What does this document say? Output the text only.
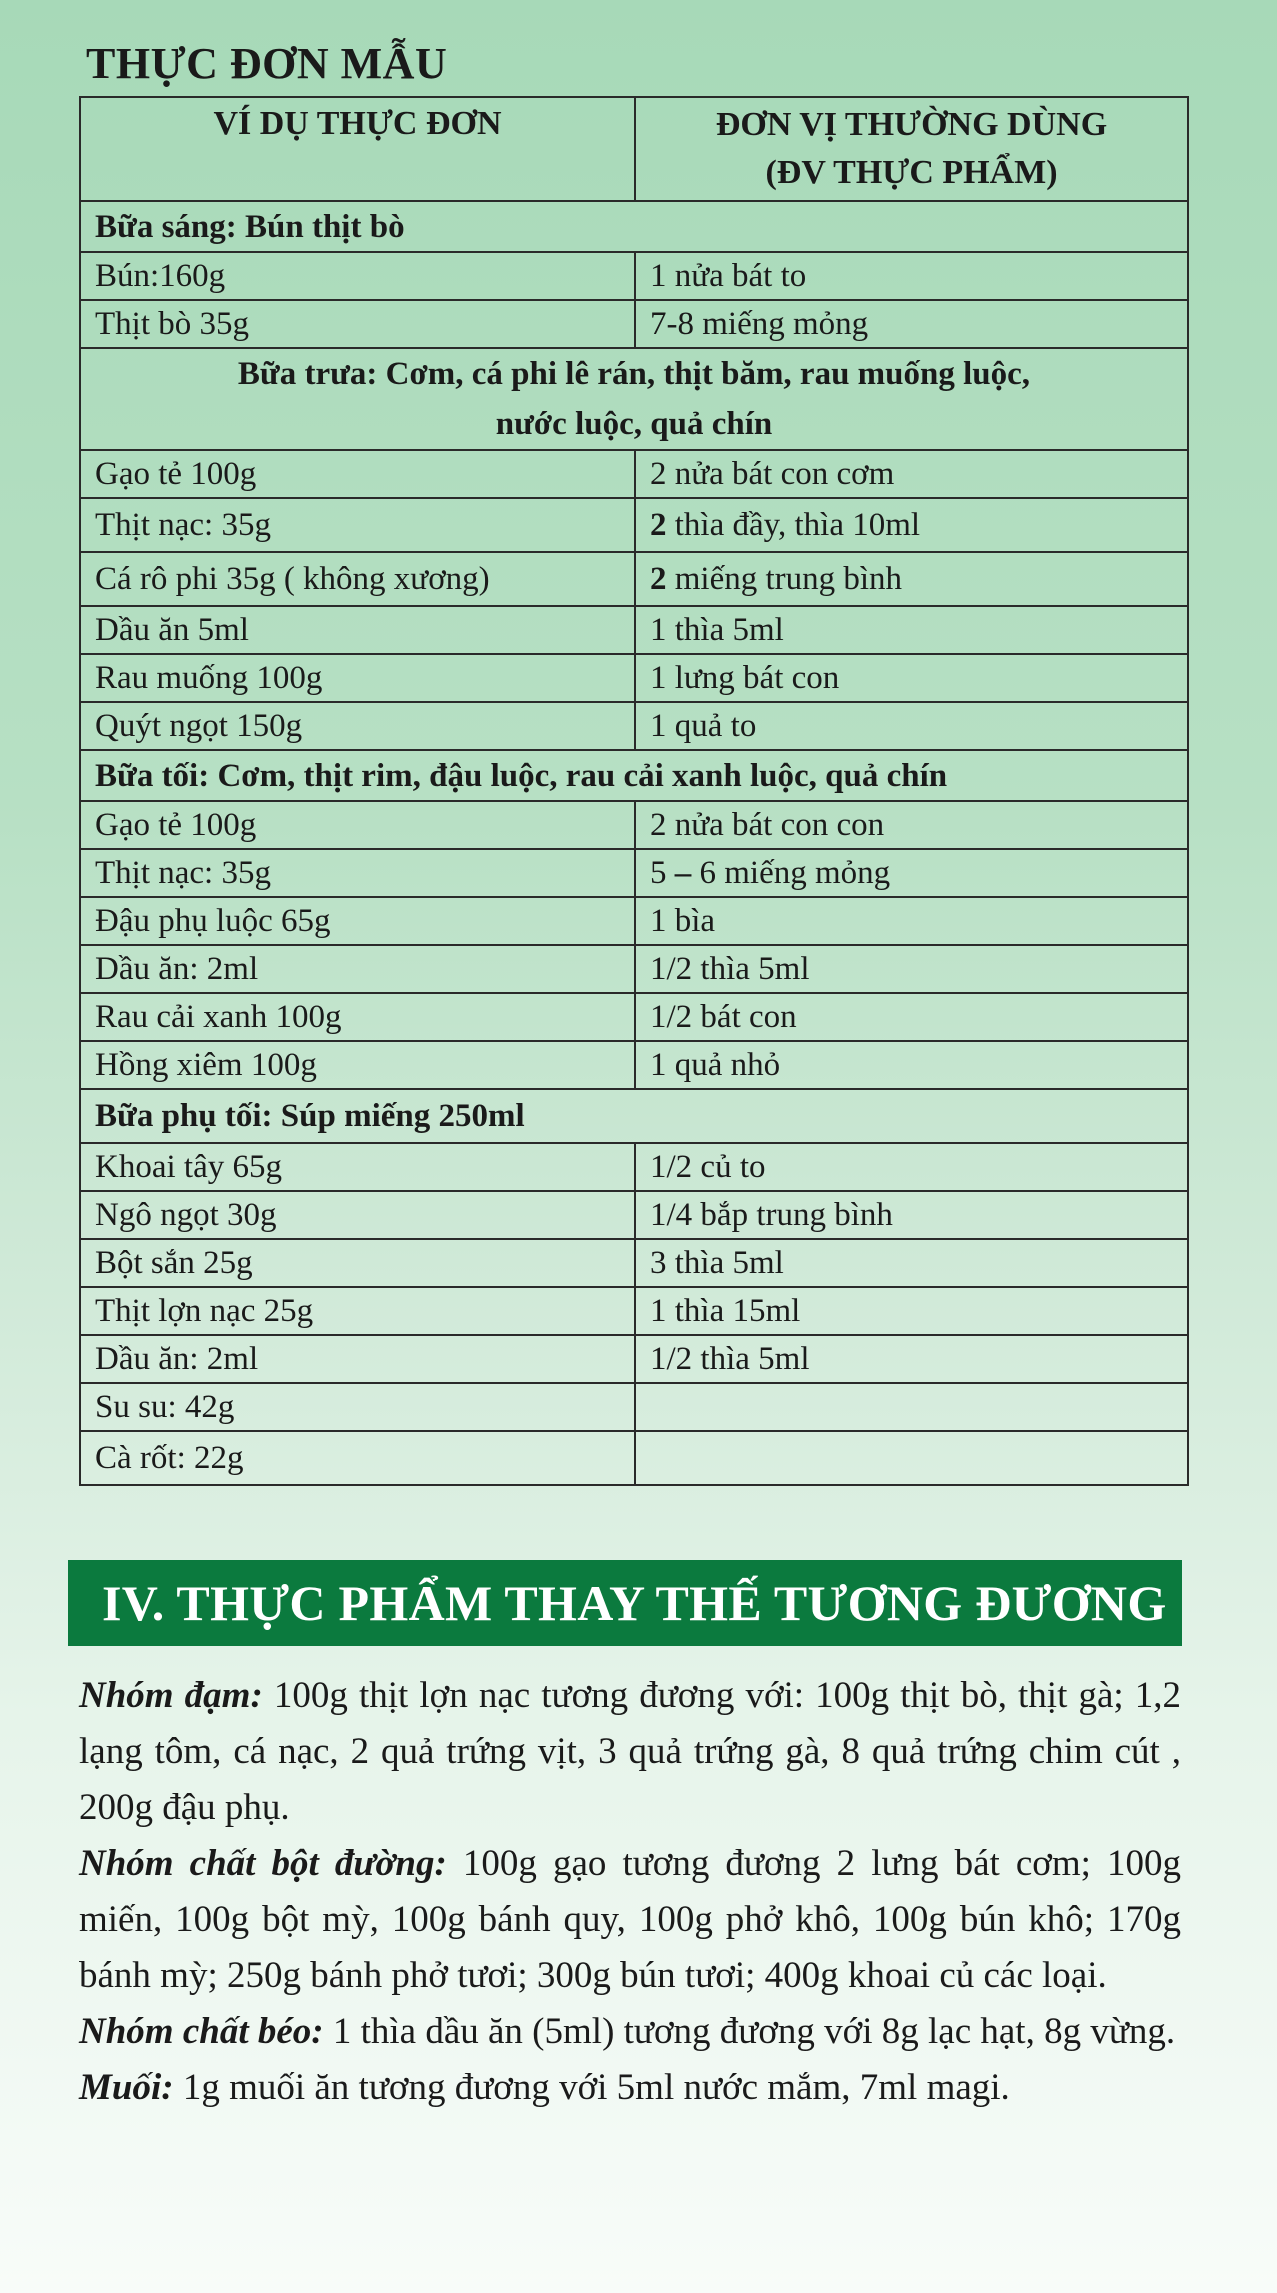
THỰC ĐƠN MẪU
VÍ DỤ THỰC ĐƠN	ĐƠN VỊ THƯỜNG DÙNG
(ĐV THỰC PHẨM)
Bữa sáng: Bún thịt bò	
Bún:160g	1 nửa bát to
Thịt bò 35g	7-8 miếng mỏng
Bữa trưa: Cơm, cá phi lê rán, thịt băm, rau muống luộc,
nước luộc, quả chín	
Gạo tẻ 100g	2 nửa bát con cơm
Thịt nạc: 35g	2 thìa đầy, thìa 10ml
Cá rô phi 35g ( không xương)	2 miếng trung bình
Dầu ăn 5ml	1 thìa 5ml
Rau muống 100g	1 lưng bát con
Quýt ngọt 150g	1 quả to
Bữa tối: Cơm, thịt rim, đậu luộc, rau cải xanh luộc, quả chín	
Gạo tẻ 100g	2 nửa bát con con
Thịt nạc: 35g	5 – 6 miếng mỏng
Đậu phụ luộc 65g	1 bìa
Dầu ăn: 2ml	1/2 thìa 5ml
Rau cải xanh 100g	1/2 bát con
Hồng xiêm 100g	1 quả nhỏ
Bữa phụ tối: Súp miếng 250ml	
Khoai tây 65g	1/2 củ to
Ngô ngọt 30g	1/4 bắp trung bình
Bột sắn 25g	3 thìa 5ml
Thịt lợn nạc 25g	1 thìa 15ml
Dầu ăn: 2ml	1/2 thìa 5ml
Su su: 42g	
Cà rốt: 22g	
IV. THỰC PHẨM THAY THẾ TƯƠNG ĐƯƠNG

Nhóm đạm: 100g thịt lợn nạc tương đương với: 100g thịt bò, thịt gà; 1,2 lạng tôm, cá nạc, 2 quả trứng vịt, 3 quả trứng gà, 8 quả trứng chim cút , 200g đậu phụ.

Nhóm chất bột đường: 100g gạo tương đương 2 lưng bát cơm; 100g miến, 100g bột mỳ, 100g bánh quy, 100g phở khô, 100g bún khô; 170g bánh mỳ; 250g bánh phở tươi; 300g bún tươi; 400g khoai củ các loại.

Nhóm chất béo: 1 thìa dầu ăn (5ml) tương đương với 8g lạc hạt, 8g vừng.

Muối: 1g muối ăn tương đương với 5ml nước mắm, 7ml magi.
